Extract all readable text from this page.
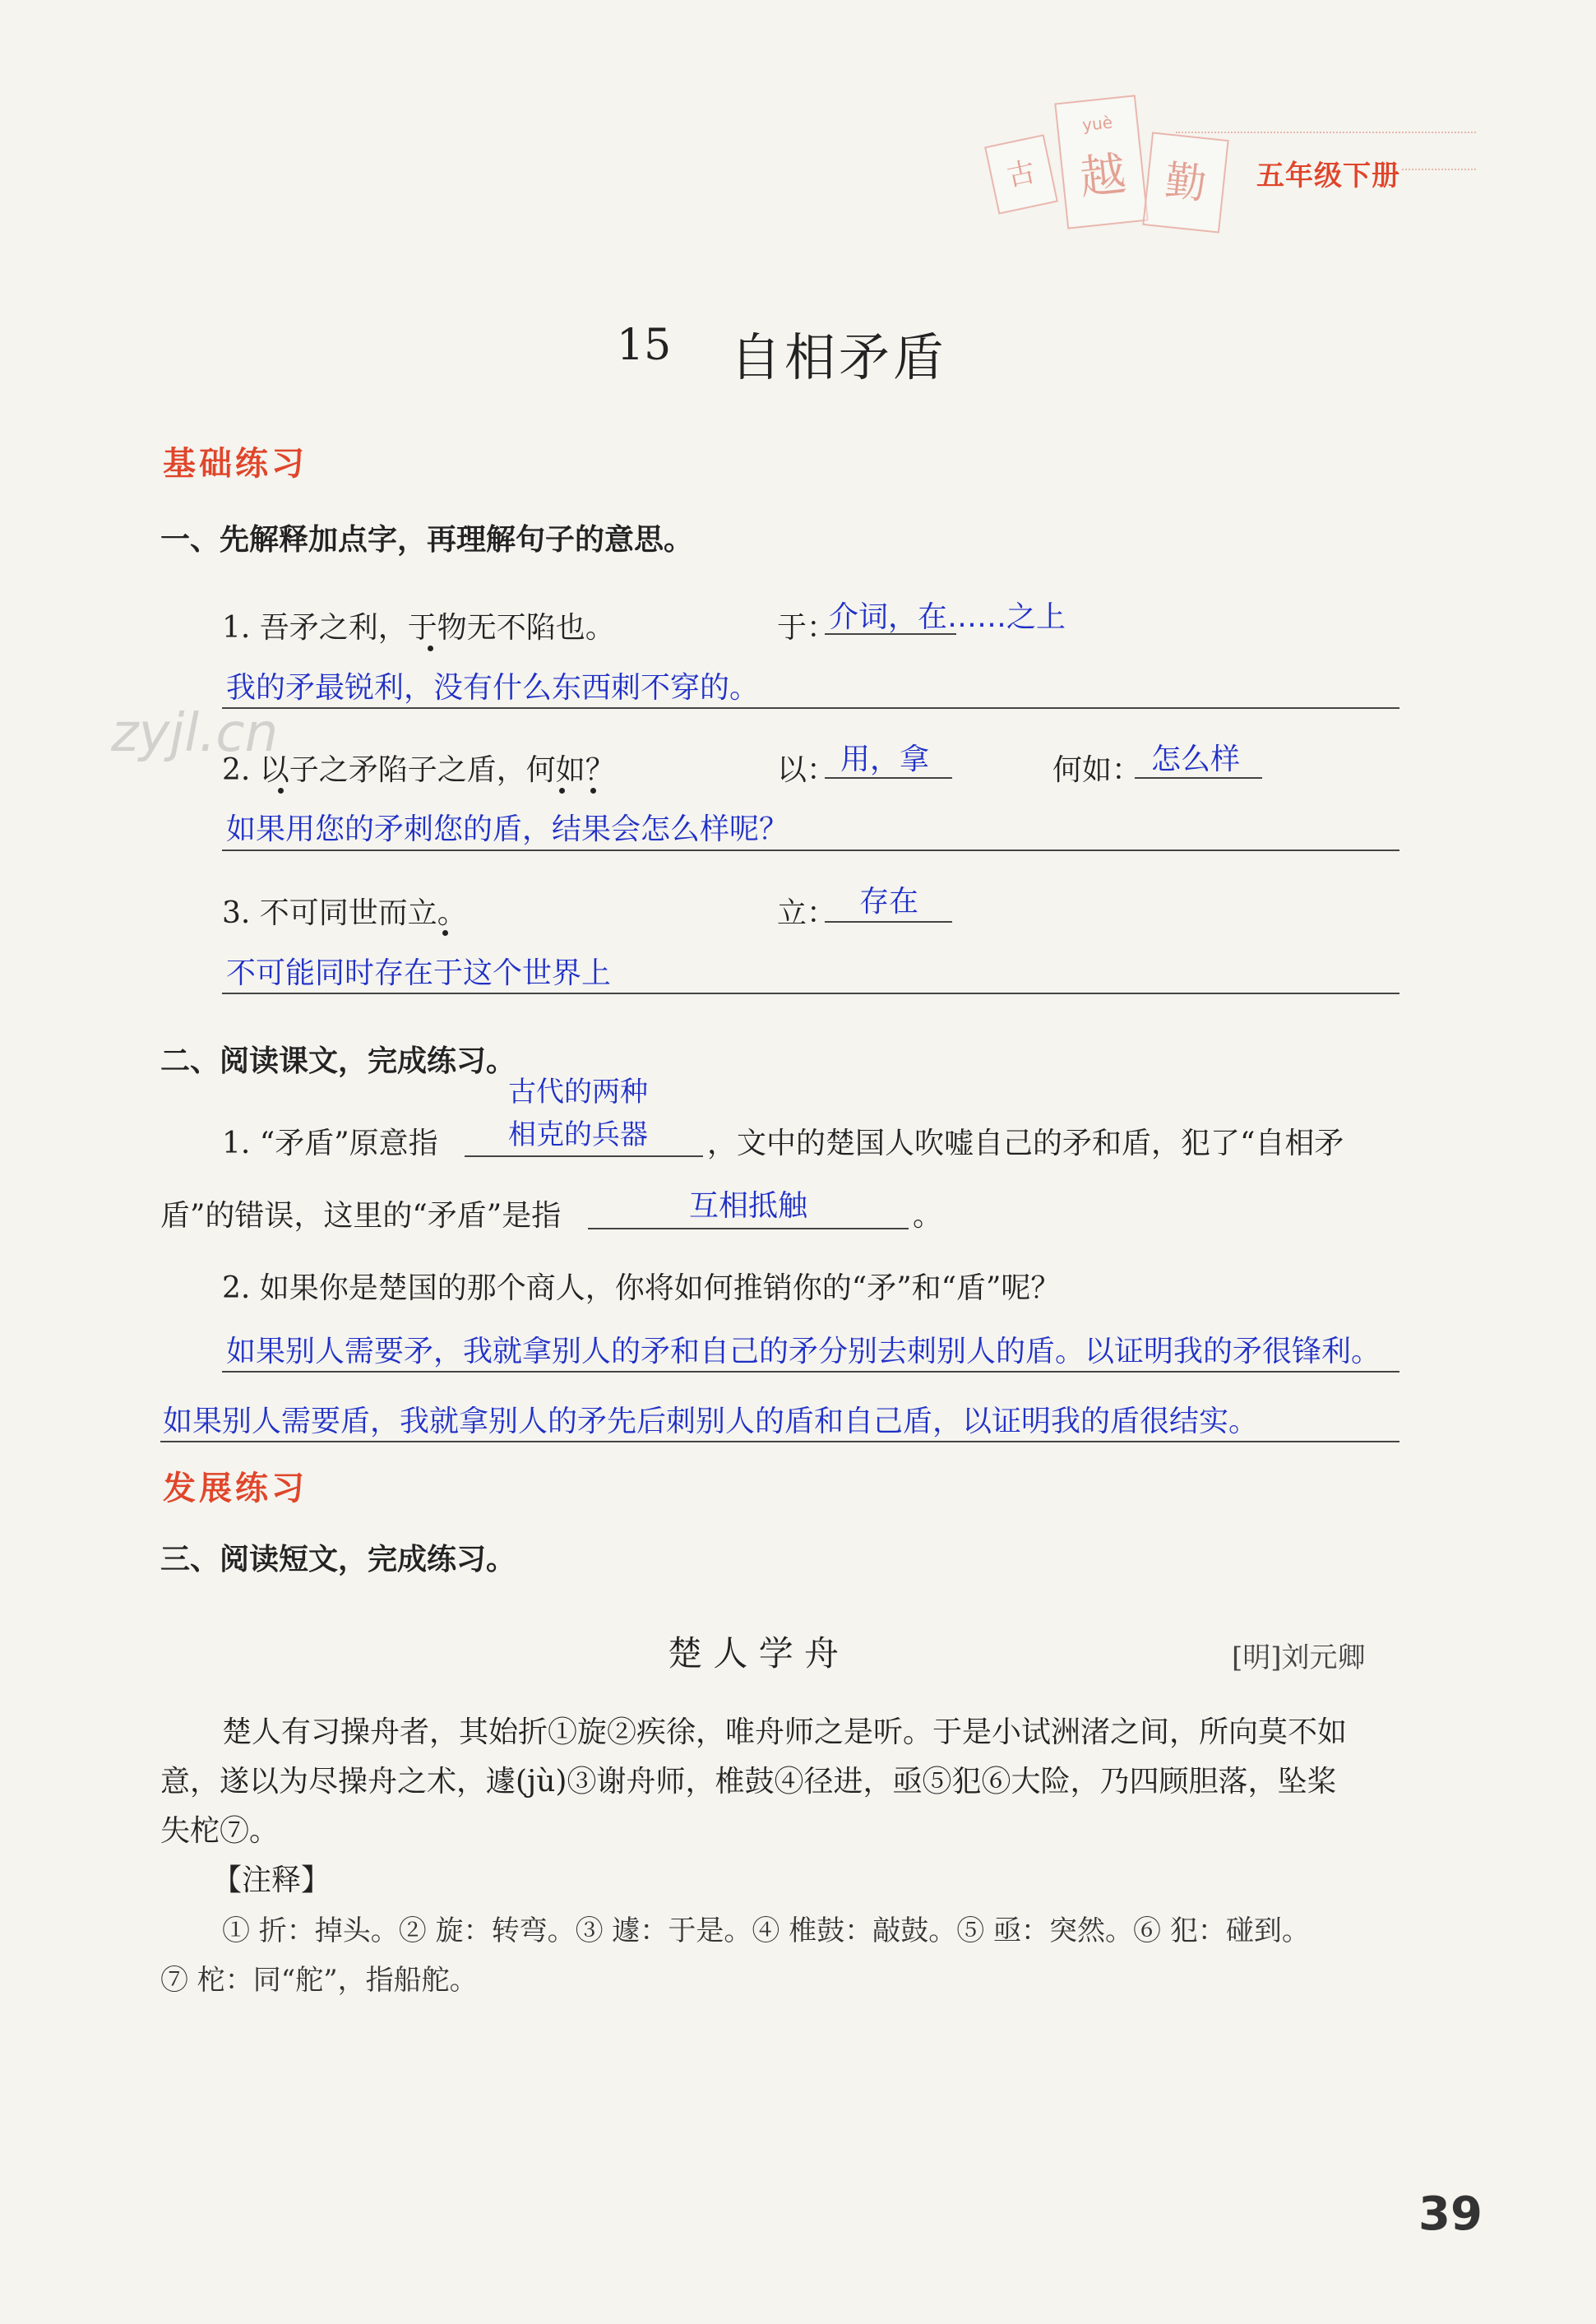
古
yuè
越 勤	五年级下册
15 自相矛盾
基础练习
一、先解释加点字，再理解句子的意思。
1. 吾矛之利，于物无不陷也。	于：
介词，在……之上
我的矛最锐利，没有什么东西刺不穿的。
zyjl.cn
2. 以子之矛陷子之盾，何如？	以： 用，拿	何如： 怎么样
如果用您的矛刺您的盾，结果会怎么样呢？
3. 不可同世而立。	立： 存在
不可能同时存在于这个世界上
二、阅读课文，完成练习。
古代的两种
1. “矛盾”原意指	相克的兵器 ，文中的楚国人吹嘘自己的矛和盾，犯了“自相矛
盾”的错误，这里的“矛盾”是指	互相抵触	。
2. 如果你是楚国的那个商人，你将如何推销你的“矛”和“盾”呢？
如果别人需要矛，我就拿别人的矛和自己的矛分别去刺别人的盾。以证明我的矛很锋利。
如果别人需要盾，我就拿别人的矛先后刺别人的盾和自己盾，以证明我的盾很结实。
发展练习
三、阅读短文，完成练习。
楚 人 学 舟	[明]刘元卿
楚人有习操舟者，其始折①旋②疾徐，唯舟师之是听。于是小试洲渚之间，所向莫不如
意，遂以为尽操舟之术，遽(jù)③谢舟师，椎鼓④径进，亟⑤犯⑥大险，乃四顾胆落，坠桨
失柁⑦。
【注释】
① 折：掉头。② 旋：转弯。③ 遽：于是。④ 椎鼓：敲鼓。⑤ 亟：突然。⑥ 犯：碰到。
⑦ 柁：同“舵”，指船舵。
39
